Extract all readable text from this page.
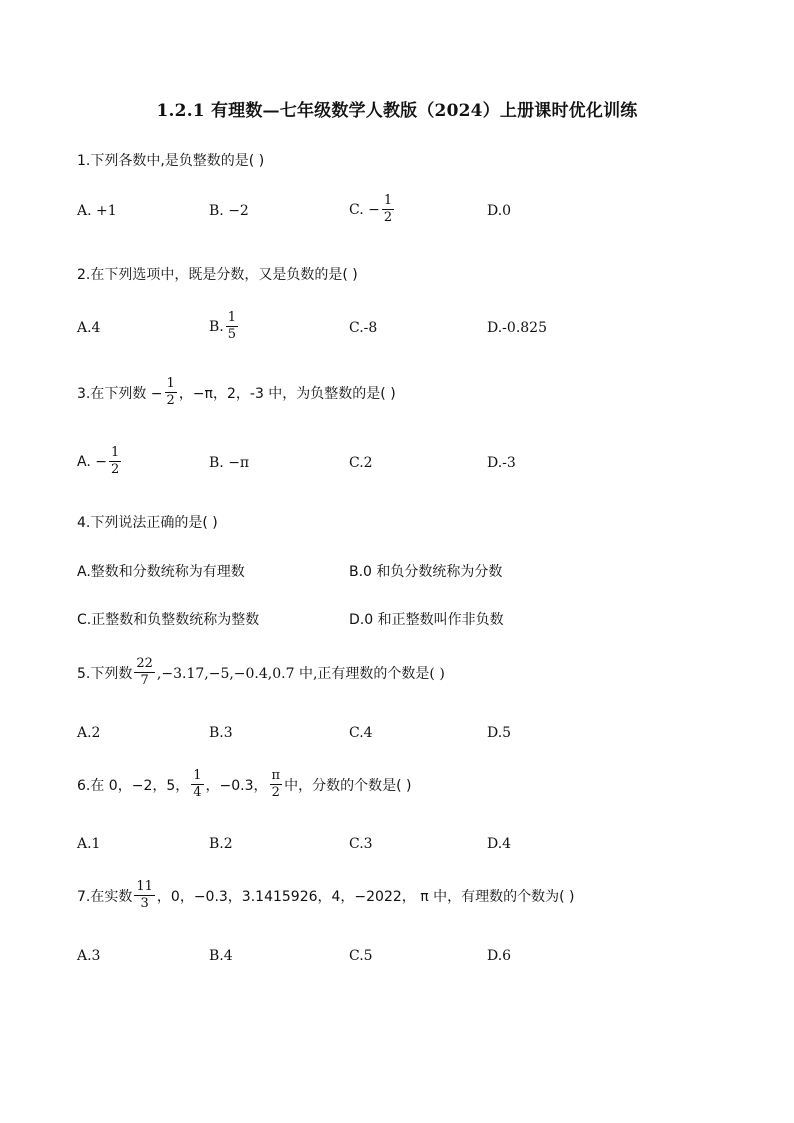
1.2.1 有理数—七年级数学人教版（2024）上册课时优化训练
1.下列各数中,是负整数的是( )
A. +1	B. −2	C. − $\frac{1}{2}$	D.0
2.在下列选项中，既是分数，又是负数的是( )
A.4	B. $\frac{1}{5}$	C.-8	D.-0.825
3.在下列数 − $\frac{1}{2}$ ，−π，2，-3 中，为负整数的是( )
A. − $\frac{1}{2}$	B. −π	C.2	D.-3
4.下列说法正确的是( )
A.整数和分数统称为有理数	B.0 和负分数统称为分数
C.正整数和负整数统称为整数	D.0 和正整数叫作非负数
5.下列数 $\frac{22}{7} ,-3.17,-5,-0.4,0.7$ 中,正有理数的个数是( )
A.2	B.3	C.4	D.5
6.在 0，−2，5， $\frac{1}{4}$ ，−0.3， $\frac{\pi}{2}$ 中，分数的个数是( )
A.1	B.2	C.3	D.4
7.在实数 $\frac{11}{3}$ ，0，−0.3，3.1415926，4，−2022， π 中，有理数的个数为( )
A.3	B.4	C.5	D.6
